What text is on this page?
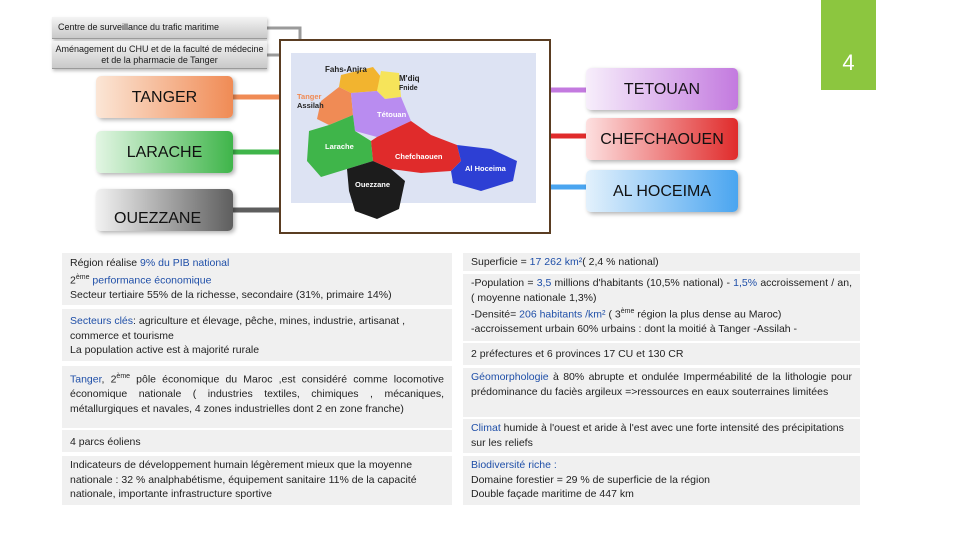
Centre de surveillance du trafic maritime
Aménagement du CHU et de la faculté de médecine et de la pharmacie de Tanger	4
Fahs-Anjra
M'diq
Fnide
Tanger
Assilah
Tétouan
Larache
Chefchaouen
Al Hoceima
Ouezzane
TANGER
LARACHE
OUEZZANE
TETOUAN
CHEFCHAOUEN
AL HOCEIMA

Région réalise 9% du PIB national

2ème performance économique

Secteur tertiaire 55% de la richesse, secondaire (31%, primaire 14%)

Secteurs clés: agriculture et élevage, pêche, mines, industrie, artisanat , commerce et tourisme

La population active est à majorité rurale

Tanger, 2ème pôle économique du Maroc ,est considéré comme locomotive économique nationale ( industries textiles, chimiques , mécaniques, métallurgiques et navales, 4 zones industrielles dont 2 en zone franche)

4 parcs éoliens

Indicateurs de développement humain légèrement mieux que la moyenne nationale : 32 % analphabétisme, équipement sanitaire 11% de la capacité nationale, importante infrastructure sportive

Superficie = 17 262 km²( 2,4 % national)

-Population = 3,5 millions d'habitants (10,5% national) - 1,5% accroissement / an, ( moyenne nationale 1,3%)

-Densité= 206 habitants /km² ( 3ème région la plus dense au Maroc)

-accroissement urbain 60% urbains : dont la moitié à Tanger -Assilah -

2 préfectures et 6 provinces 17 CU et 130 CR

Géomorphologie à 80% abrupte et ondulée Imperméabilité de la lithologie pour prédominance du faciès argileux =>ressources en eaux souterraines limitées

Climat humide à l'ouest et aride à l'est avec une forte intensité des précipitations sur les reliefs

Biodiversité riche :

Domaine forestier = 29 % de superficie de la région

Double façade maritime de 447 km
